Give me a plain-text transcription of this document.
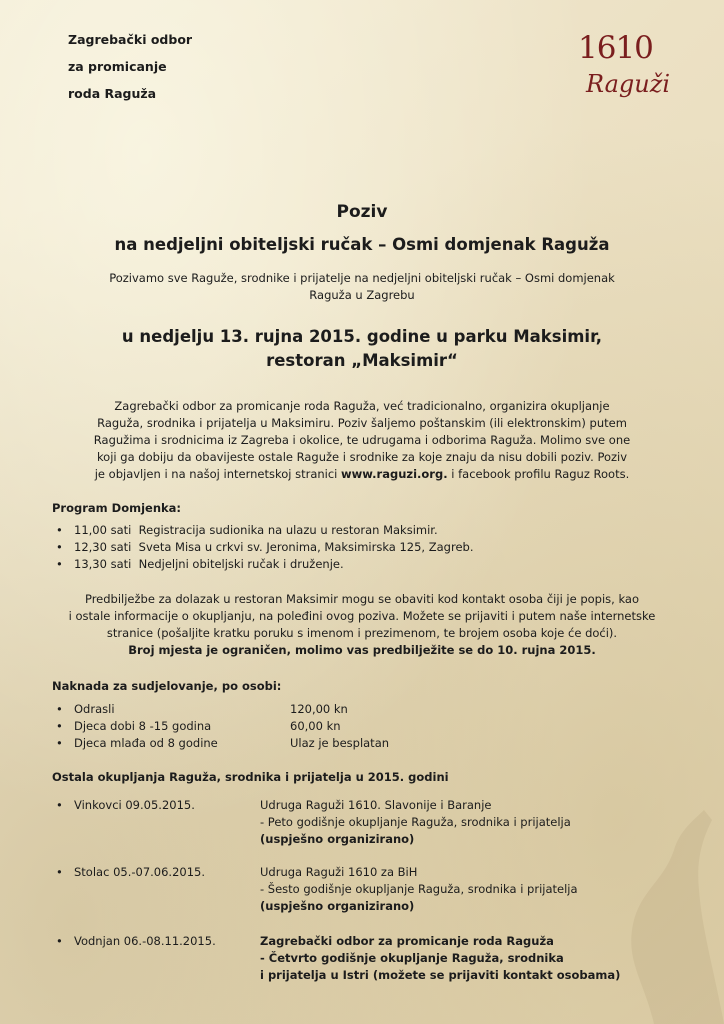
Zagrebački odbor
za promicanje
roda Raguža
1610
Raguži
Poziv
na nedjeljni obiteljski ručak – Osmi domjenak Raguža
Pozivamo sve Raguže, srodnike i prijatelje na nedjeljni obiteljski ručak – Osmi domjenak
Raguža u Zagrebu
u nedjelju 13. rujna 2015. godine u parku Maksimir,
restoran „Maksimir“
Zagrebački odbor za promicanje roda Raguža, već tradicionalno, organizira okupljanje
Raguža, srodnika i prijatelja u Maksimiru. Poziv šaljemo poštanskim (ili elektronskim) putem
Ragužima i srodnicima iz Zagreba i okolice, te udrugama i odborima Raguža. Molimo sve one
koji ga dobiju da obavijeste ostale Raguže i srodnike za koje znaju da nisu dobili poziv. Poziv
je objavljen i na našoj internetskoj stranici www.raguzi.org. i facebook profilu Raguz Roots.
Program Domjenka:
• 11,00 sati Registracija sudionika na ulazu u restoran Maksimir.
• 12,30 sati Sveta Misa u crkvi sv. Jeronima, Maksimirska 125, Zagreb.
• 13,30 sati Nedjeljni obiteljski ručak i druženje.
Predbilježbe za dolazak u restoran Maksimir mogu se obaviti kod kontakt osoba čiji je popis, kao
i ostale informacije o okupljanju, na poleđini ovog poziva. Možete se prijaviti i putem naše internetske
stranice (pošaljite kratku poruku s imenom i prezimenom, te brojem osoba koje će doći).
Broj mjesta je ograničen, molimo vas predbilježite se do 10. rujna 2015.
Naknada za sudjelovanje, po osobi:
• Odrasli	120,00 kn
• Djeca dobi 8 -15 godina	60,00 kn
• Djeca mlađa od 8 godine	Ulaz je besplatan
Ostala okupljanja Raguža, srodnika i prijatelja u 2015. godini
• Vinkovci 09.05.2015.	Udruga Raguži 1610. Slavonije i Baranje
- Peto godišnje okupljanje Raguža, srodnika i prijatelja
(uspješno organizirano)
• Stolac 05.-07.06.2015.	Udruga Raguži 1610 za BiH
- Šesto godišnje okupljanje Raguža, srodnika i prijatelja
(uspješno organizirano)
• Vodnjan 06.-08.11.2015.	Zagrebački odbor za promicanje roda Raguža
- Četvrto godišnje okupljanje Raguža, srodnika
i prijatelja u Istri (možete se prijaviti kontakt osobama)
